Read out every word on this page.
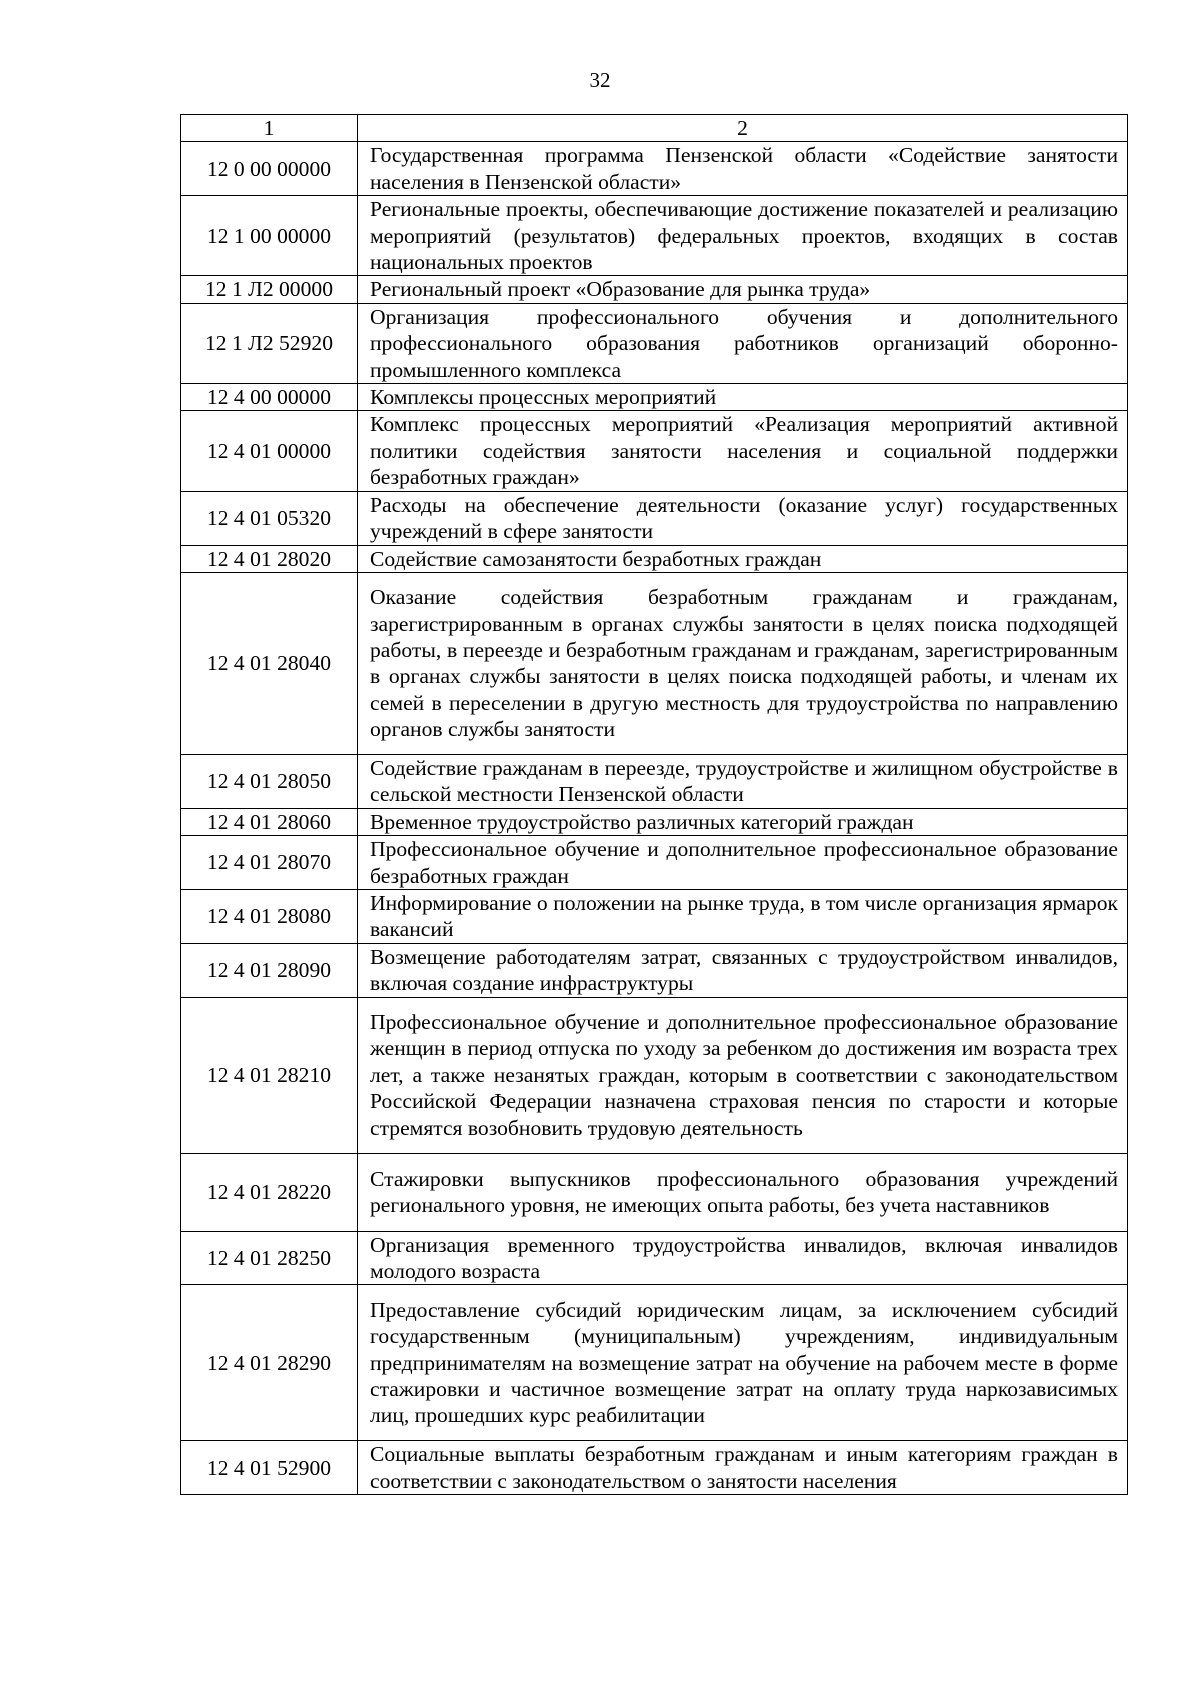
32
1	2
12 0 00 00000	Государственная программа Пензенской области «Содействие занятости населения в Пензенской области»
12 1 00 00000	Региональные проекты, обеспечивающие достижение показателей и реализацию мероприятий (результатов) федеральных проектов, входящих в состав национальных проектов
12 1 Л2 00000	Региональный проект «Образование для рынка труда»
12 1 Л2 52920	Организация профессионального обучения и дополнительного профессионального образования работников организаций оборонно-промышленного комплекса
12 4 00 00000	Комплексы процессных мероприятий
12 4 01 00000	Комплекс процессных мероприятий «Реализация мероприятий активной политики содействия занятости населения и социальной поддержки безработных граждан»
12 4 01 05320	Расходы на обеспечение деятельности (оказание услуг) государственных учреждений в сфере занятости
12 4 01 28020	Содействие самозанятости безработных граждан
12 4 01 28040	Оказание содействия безработным гражданам и гражданам, зарегистрированным в органах службы занятости в целях поиска подходящей работы, в переезде и безработным гражданам и гражданам, зарегистрированным в органах службы занятости в целях поиска подходящей работы, и членам их семей в переселении в другую местность для трудоустройства по направлению органов службы занятости
12 4 01 28050	Содействие гражданам в переезде, трудоустройстве и жилищном обустройстве в сельской местности Пензенской области
12 4 01 28060	Временное трудоустройство различных категорий граждан
12 4 01 28070	Профессиональное обучение и дополнительное профессиональное образование безработных граждан
12 4 01 28080	Информирование о положении на рынке труда, в том числе организация ярмарок вакансий
12 4 01 28090	Возмещение работодателям затрат, связанных с трудоустройством инвалидов, включая создание инфраструктуры
12 4 01 28210	Профессиональное обучение и дополнительное профессиональное образование женщин в период отпуска по уходу за ребенком до достижения им возраста трех лет, а также незанятых граждан, которым в соответствии с законодательством Российской Федерации назначена страховая пенсия по старости и которые стремятся возобновить трудовую деятельность
12 4 01 28220	Стажировки выпускников профессионального образования учреждений регионального уровня, не имеющих опыта работы, без учета наставников
12 4 01 28250	Организация временного трудоустройства инвалидов, включая инвалидов молодого возраста
12 4 01 28290	Предоставление субсидий юридическим лицам, за исключением субсидий государственным (муниципальным) учреждениям, индивидуальным предпринимателям на возмещение затрат на обучение на рабочем месте в форме стажировки и частичное возмещение затрат на оплату труда наркозависимых лиц, прошедших курс реабилитации
12 4 01 52900	Социальные выплаты безработным гражданам и иным категориям граждан в соответствии с законодательством о занятости населения
